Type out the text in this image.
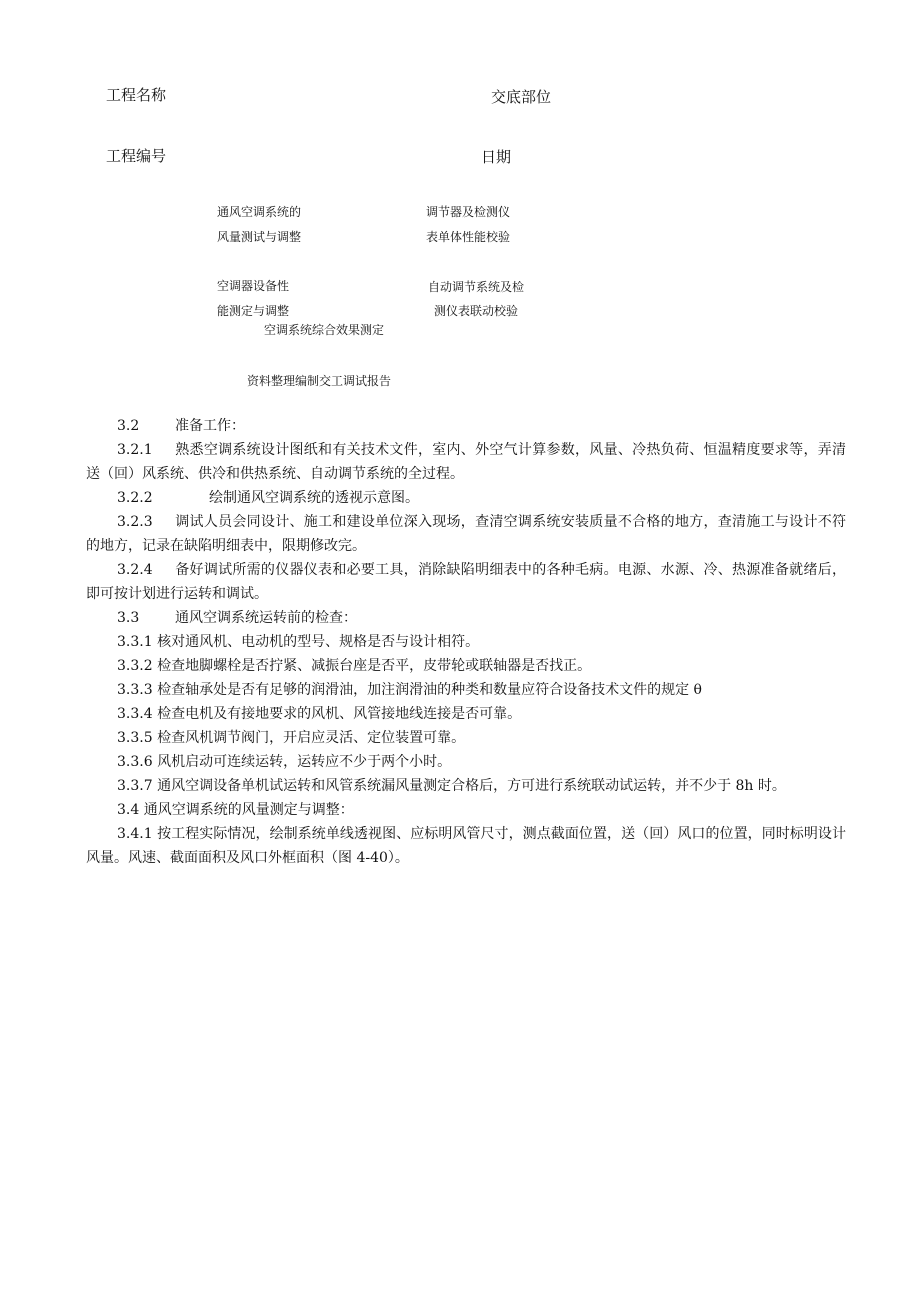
工程名称	交底部位
工程编号	日期
通风空调系统的
风量测试与调整
调节器及检测仪
表单体性能校验
空调器设备性
能测定与调整
自动调节系统及检
测仪表联动校验
空调系统综合效果测定
资料整理编制交工调试报告

3.2	准备工作：

3.2.1 熟悉空调系统设计图纸和有关技术文件，室内、外空气计算参数，风量、冷热负荷、恒温精度要求等，弄清送（回）风系统、供冷和供热系统、自动调节系统的全过程。

3.2.2	绘制通风空调系统的透视示意图。

3.2.3 调试人员会同设计、施工和建设单位深入现场，查清空调系统安装质量不合格的地方，查清施工与设计不符的地方，记录在缺陷明细表中，限期修改完。

3.2.4 备好调试所需的仪器仪表和必要工具，消除缺陷明细表中的各种毛病。电源、水源、冷、热源准备就绪后，即可按计划进行运转和调试。

3.3	通风空调系统运转前的检查：

3.3.1 核对通风机、电动机的型号、规格是否与设计相符。

3.3.2 检查地脚螺栓是否拧紧、减振台座是否平，皮带轮或联轴器是否找正。

3.3.3 检查轴承处是否有足够的润滑油，加注润滑油的种类和数量应符合设备技术文件的规定 θ

3.3.4 检查电机及有接地要求的风机、风管接地线连接是否可靠。

3.3.5 检查风机调节阀门，开启应灵活、定位装置可靠。

3.3.6 风机启动可连续运转，运转应不少于两个小时。

3.3.7 通风空调设备单机试运转和风管系统漏风量测定合格后，方可进行系统联动试运转，并不少于 8h 时。

3.4 通风空调系统的风量测定与调整：

3.4.1 按工程实际情况，绘制系统单线透视图、应标明风管尺寸，测点截面位置，送（回）风口的位置，同时标明设计风量。风速、截面面积及风口外框面积（图 4-40）。
